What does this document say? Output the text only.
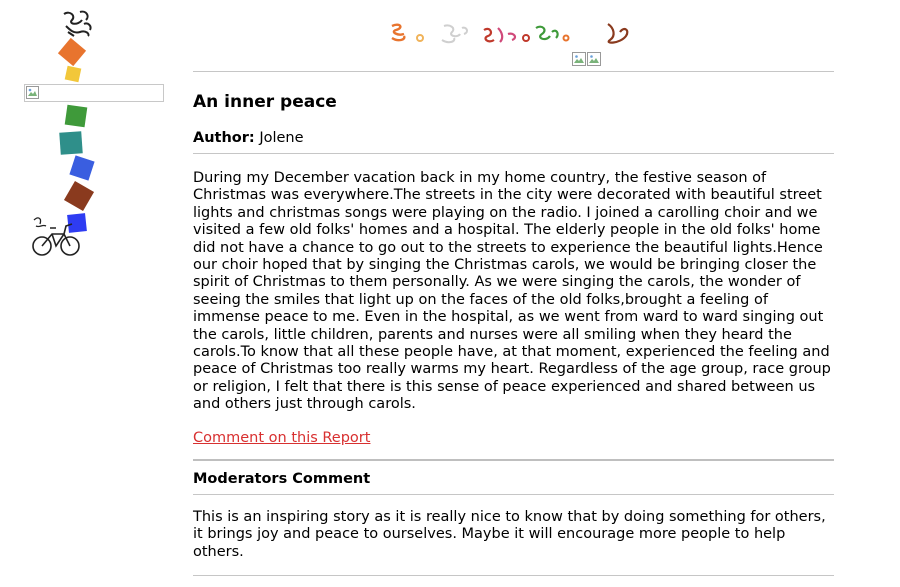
An inner peace
Author: Jolene
During my December vacation back in my home country, the festive season of Christmas was everywhere.The streets in the city were decorated with beautiful street lights and christmas songs were playing on the radio. I joined a carolling choir and we visited a few old folks' homes and a hospital. The elderly people in the old folks' home did not have a chance to go out to the streets to experience the beautiful lights.Hence our choir hoped that by singing the Christmas carols, we would be bringing closer the spirit of Christmas to them personally. As we were singing the carols, the wonder of seeing the smiles that light up on the faces of the old folks,brought a feeling of immense peace to me. Even in the hospital, as we went from ward to ward singing out the carols, little children, parents and nurses were all smiling when they heard the carols.To know that all these people have, at that moment, experienced the feeling and peace of Christmas too really warms my heart. Regardless of the age group, race group or religion, I felt that there is this sense of peace experienced and shared between us and others just through carols.
Comment on this Report
Moderators Comment
This is an inspiring story as it is really nice to know that by doing something for others, it brings joy and peace to ourselves. Maybe it will encourage more people to help others.
